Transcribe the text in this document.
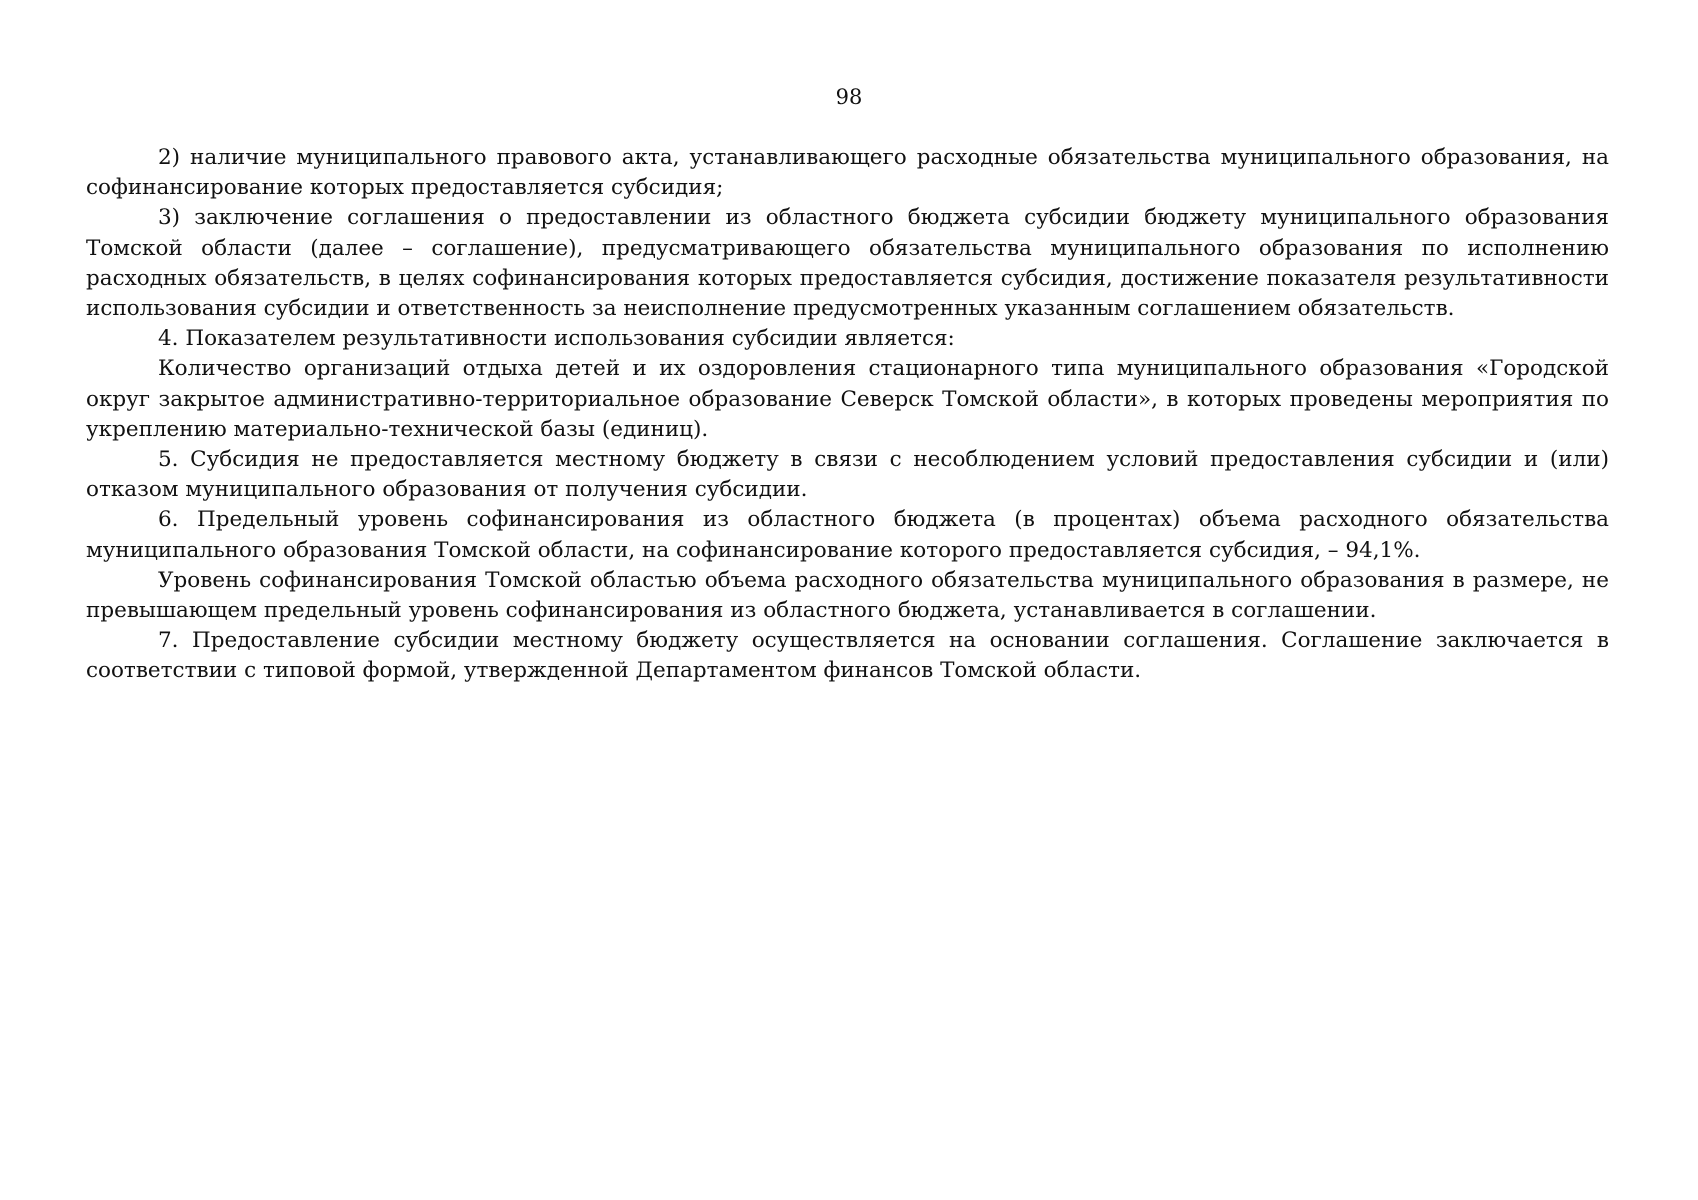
98

2) наличие муниципального правового акта, устанавливающего расходные обязательства муниципального образования, на софинансирование которых предоставляется субсидия;

3) заключение соглашения о предоставлении из областного бюджета субсидии бюджету муниципального образования Томской области (далее – соглашение), предусматривающего обязательства муниципального образования по исполнению расходных обязательств, в целях софинансирования которых предоставляется субсидия, достижение показателя результативности использования субсидии и ответственность за неисполнение предусмотренных указанным соглашением обязательств.

4. Показателем результативности использования субсидии является:

Количество организаций отдыха детей и их оздоровления стационарного типа муниципального образования «Городской округ закрытое административно-территориальное образование Северск Томской области», в которых проведены мероприятия по укреплению материально-технической базы (единиц).

5. Субсидия не предоставляется местному бюджету в связи с несоблюдением условий предоставления субсидии и (или) отказом муниципального образования от получения субсидии.

6. Предельный уровень софинансирования из областного бюджета (в процентах) объема расходного обязательства муниципального образования Томской области, на софинансирование которого предоставляется субсидия, – 94,1%.

Уровень софинансирования Томской областью объема расходного обязательства муниципального образования в размере, не превышающем предельный уровень софинансирования из областного бюджета, устанавливается в соглашении.

7. Предоставление субсидии местному бюджету осуществляется на основании соглашения. Соглашение заключается в соответствии с типовой формой, утвержденной Департаментом финансов Томской области.
